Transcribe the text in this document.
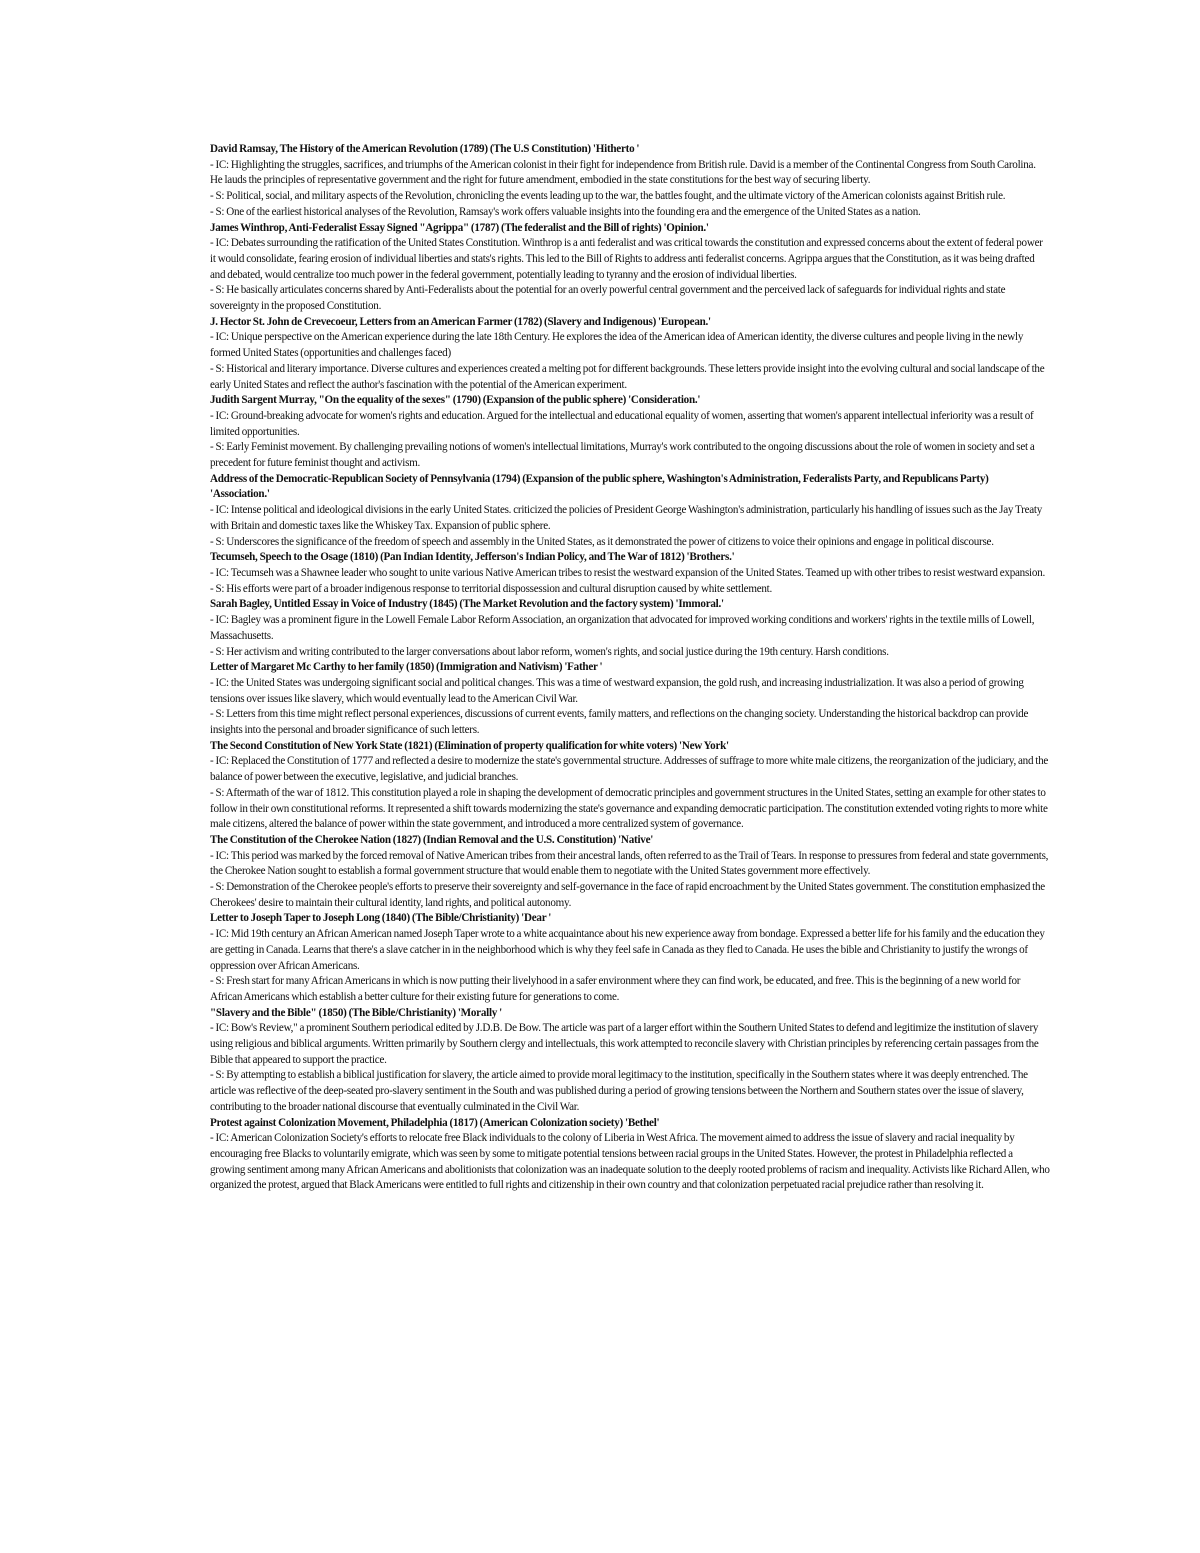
David Ramsay, The History of the American Revolution (1789) (The U.S Constitution) 'Hitherto '

- IC: Highlighting the struggles, sacrifices, and triumphs of the American colonist in their fight for independence from British rule. David is a member of the Continental Congress from South Carolina. He lauds the principles of representative government and the right for future amendment, embodied in the state constitutions for the best way of securing liberty.

- S: Political, social, and military aspects of the Revolution, chronicling the events leading up to the war, the battles fought, and the ultimate victory of the American colonists against British rule.

- S: One of the earliest historical analyses of the Revolution, Ramsay's work offers valuable insights into the founding era and the emergence of the United States as a nation.

James Winthrop, Anti-Federalist Essay Signed "Agrippa" (1787) (The federalist and the Bill of rights) 'Opinion.'

- IC: Debates surrounding the ratification of the United States Constitution. Winthrop is a anti federalist and was critical towards the constitution and expressed concerns about the extent of federal power it would consolidate, fearing erosion of individual liberties and stats's rights. This led to the Bill of Rights to address anti federalist concerns. Agrippa argues that the Constitution, as it was being drafted and debated, would centralize too much power in the federal government, potentially leading to tyranny and the erosion of individual liberties.

- S: He basically articulates concerns shared by Anti-Federalists about the potential for an overly powerful central government and the perceived lack of safeguards for individual rights and state sovereignty in the proposed Constitution.

J. Hector St. John de Crevecoeur, Letters from an American Farmer (1782) (Slavery and Indigenous) 'European.'

- IC: Unique perspective on the American experience during the late 18th Century. He explores the idea of the American idea of American identity, the diverse cultures and people living in the newly formed United States (opportunities and challenges faced)

- S: Historical and literary importance. Diverse cultures and experiences created a melting pot for different backgrounds. These letters provide insight into the evolving cultural and social landscape of the early United States and reflect the author's fascination with the potential of the American experiment.

Judith Sargent Murray, "On the equality of the sexes" (1790) (Expansion of the public sphere) 'Consideration.'

- IC: Ground-breaking advocate for women's rights and education. Argued for the intellectual and educational equality of women, asserting that women's apparent intellectual inferiority was a result of limited opportunities.

- S: Early Feminist movement. By challenging prevailing notions of women's intellectual limitations, Murray's work contributed to the ongoing discussions about the role of women in society and set a precedent for future feminist thought and activism.

Address of the Democratic-Republican Society of Pennsylvania (1794) (Expansion of the public sphere, Washington's Administration, Federalists Party, and Republicans Party) 'Association.'

- IC: Intense political and ideological divisions in the early United States. criticized the policies of President George Washington's administration, particularly his handling of issues such as the Jay Treaty with Britain and domestic taxes like the Whiskey Tax. Expansion of public sphere.

- S: Underscores the significance of the freedom of speech and assembly in the United States, as it demonstrated the power of citizens to voice their opinions and engage in political discourse.

Tecumseh, Speech to the Osage (1810) (Pan Indian Identity, Jefferson's Indian Policy, and The War of 1812) 'Brothers.'

- IC: Tecumseh was a Shawnee leader who sought to unite various Native American tribes to resist the westward expansion of the United States. Teamed up with other tribes to resist westward expansion.

- S: His efforts were part of a broader indigenous response to territorial dispossession and cultural disruption caused by white settlement.

Sarah Bagley, Untitled Essay in Voice of Industry (1845) (The Market Revolution and the factory system) 'Immoral.'

- IC: Bagley was a prominent figure in the Lowell Female Labor Reform Association, an organization that advocated for improved working conditions and workers' rights in the textile mills of Lowell, Massachusetts.

- S: Her activism and writing contributed to the larger conversations about labor reform, women's rights, and social justice during the 19th century. Harsh conditions.

Letter of Margaret Mc Carthy to her family (1850) (Immigration and Nativism) 'Father '

- IC: the United States was undergoing significant social and political changes. This was a time of westward expansion, the gold rush, and increasing industrialization. It was also a period of growing tensions over issues like slavery, which would eventually lead to the American Civil War.

- S: Letters from this time might reflect personal experiences, discussions of current events, family matters, and reflections on the changing society. Understanding the historical backdrop can provide insights into the personal and broader significance of such letters.

The Second Constitution of New York State (1821) (Elimination of property qualification for white voters) 'New York'

- IC: Replaced the Constitution of 1777 and reflected a desire to modernize the state's governmental structure. Addresses of suffrage to more white male citizens, the reorganization of the judiciary, and the balance of power between the executive, legislative, and judicial branches.

- S: Aftermath of the war of 1812. This constitution played a role in shaping the development of democratic principles and government structures in the United States, setting an example for other states to follow in their own constitutional reforms. It represented a shift towards modernizing the state's governance and expanding democratic participation. The constitution extended voting rights to more white male citizens, altered the balance of power within the state government, and introduced a more centralized system of governance.

The Constitution of the Cherokee Nation (1827) (Indian Removal and the U.S. Constitution) 'Native'

- IC: This period was marked by the forced removal of Native American tribes from their ancestral lands, often referred to as the Trail of Tears. In response to pressures from federal and state governments, the Cherokee Nation sought to establish a formal government structure that would enable them to negotiate with the United States government more effectively.

- S: Demonstration of the Cherokee people's efforts to preserve their sovereignty and self-governance in the face of rapid encroachment by the United States government. The constitution emphasized the Cherokees' desire to maintain their cultural identity, land rights, and political autonomy.

Letter to Joseph Taper to Joseph Long (1840) (The Bible/Christianity) 'Dear '

- IC: Mid 19th century an African American named Joseph Taper wrote to a white acquaintance about his new experience away from bondage. Expressed a better life for his family and the education they are getting in Canada. Learns that there's a slave catcher in in the neighborhood which is why they feel safe in Canada as they fled to Canada. He uses the bible and Christianity to justify the wrongs of oppression over African Americans.

- S: Fresh start for many African Americans in which is now putting their livelyhood in a safer environment where they can find work, be educated, and free. This is the beginning of a new world for African Americans which establish a better culture for their existing future for generations to come.

"Slavery and the Bible" (1850) (The Bible/Christianity) 'Morally '

- IC: Bow's Review," a prominent Southern periodical edited by J.D.B. De Bow. The article was part of a larger effort within the Southern United States to defend and legitimize the institution of slavery using religious and biblical arguments. Written primarily by Southern clergy and intellectuals, this work attempted to reconcile slavery with Christian principles by referencing certain passages from the Bible that appeared to support the practice.

- S: By attempting to establish a biblical justification for slavery, the article aimed to provide moral legitimacy to the institution, specifically in the Southern states where it was deeply entrenched. The article was reflective of the deep-seated pro-slavery sentiment in the South and was published during a period of growing tensions between the Northern and Southern states over the issue of slavery, contributing to the broader national discourse that eventually culminated in the Civil War.

Protest against Colonization Movement, Philadelphia (1817) (American Colonization society) 'Bethel'

- IC: American Colonization Society's efforts to relocate free Black individuals to the colony of Liberia in West Africa. The movement aimed to address the issue of slavery and racial inequality by encouraging free Blacks to voluntarily emigrate, which was seen by some to mitigate potential tensions between racial groups in the United States. However, the protest in Philadelphia reflected a growing sentiment among many African Americans and abolitionists that colonization was an inadequate solution to the deeply rooted problems of racism and inequality. Activists like Richard Allen, who organized the protest, argued that Black Americans were entitled to full rights and citizenship in their own country and that colonization perpetuated racial prejudice rather than resolving it.
